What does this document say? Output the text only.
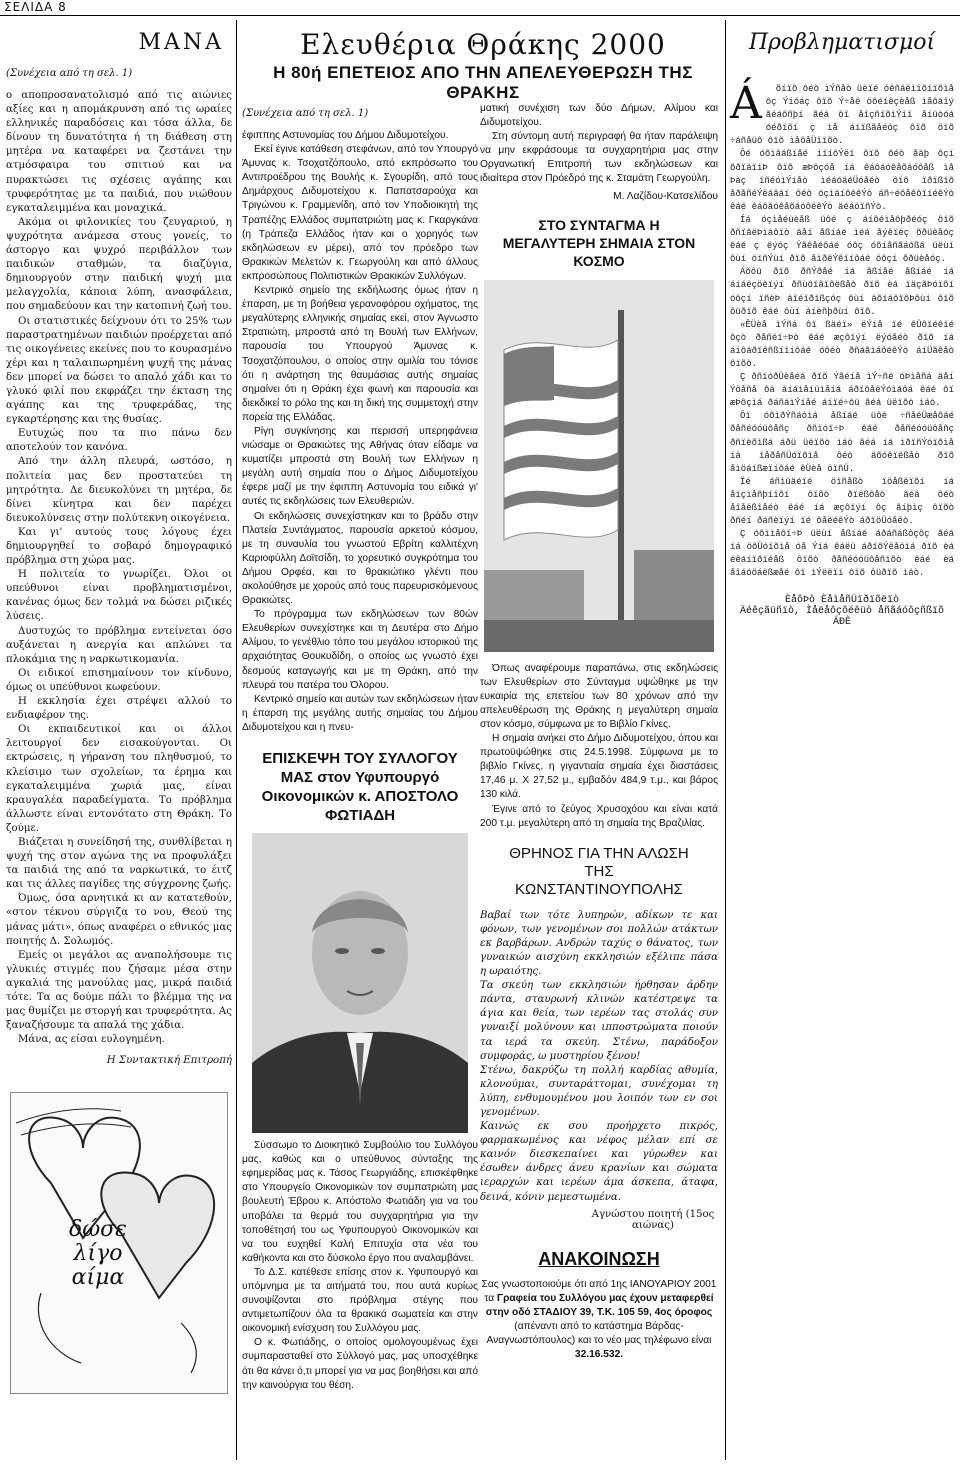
ΣΕΛΙΔΑ 8
ΜΑΝΑ
(Συνέχεια από τη σελ. 1)

ο αποπροσανατολισμό από τις αιώνιες αξίες και η απομάκρυνση από τις ωραίες ελληνικές παραδόσεις και τόσα άλλα, δε δίνουν τη δυνατότητα ή τη διάθεση στη μητέρα να καταφέρει να ζεστάνει την ατμόσφαιρα του σπιτιού και να πυρακτώσει τις σχέσεις αγάπης και τρυφερότητας με τα παιδιά, που νιώθουν εγκαταλειμμένα και μοναχικά.

Ακόμα οι φιλονικίες του ζευγαριού, η ψυχρότητα ανάμεσα στους γονείς, το άστοργο και ψυχρό περιβάλλον των παιδικών σταθμών, τα διαζύγια, δημιουργούν στην παιδική ψυχή μια μελαγχολία, κάποια λύπη, ανασφάλεια, που σημαδεύουν και την κατοπινή ζωή του.

Οι στατιστικές δείχνουν ότι το 25% των παραστρατημένων παιδιών προέρχεται από τις οικογένειες εκείνες που το κουρασμένο χέρι και η ταλαιπωρημένη ψυχή της μάνας δεν μπορεί να δώσει το απαλό χάδι και το γλυκό φιλί που εκφράζει την έκταση της αγάπης και της τρυφεράδας, της εγκαρτέρησης και της θυσίας.

Ευτυχώς που τα πιο πάνω δεν αποτελούν τον κανόνα.

Από την άλλη πλευρά, ωστόσο, η πολιτεία μας δεν προστατεύει τη μητρότητα. Δε διευκολύνει τη μητέρα, δε δίνει κίνητρα και δεν παρέχει διευκολύνσεις στην πολύτεκνη οικογένεια.

Και γι' αυτούς τους λόγους έχει δημιουργηθεί το σοβαρό δημογραφικό πρόβλημα στη χώρα μας.

Η πολιτεία το γνωρίζει. Όλοι οι υπεύθυνοι είναι προβληματισμένοι, κανένας όμως δεν τολμά να δώσει ριζικές λύσεις.

Δυστυχώς το πρόβλημα εντείνεται όσο αυξάνεται η ανεργία και απλώνει τα πλοκάμια της η ναρκωτικομανία.

Οι ειδικοί επισημαίνουν τον κίνδυνο, όμως οι υπεύθυνοι κωφεύουν.

Η εκκλησία έχει στρέψει αλλού το ενδιαφέρον της.

Οι εκπαιδευτικοί και οι άλλοι λειτουργοί δεν εισακούγονται. Οι εκτρώσεις, η γήρανση του πληθυσμού, το κλείσιμο των σχολείων, τα έρημα και εγκαταλειμμένα χωριά μας, είναι κραυγαλέα παραδείγματα. Το πρόβλημα άλλωστε είναι εντονότατο στη Θράκη. Το ζούμε.

Βιάζεται η συνείδησή της, συνθλίβεται η ψυχή της στον αγώνα της να προφυλάξει τα παιδιά της από τα ναρκωτικά, το έιτζ και τις άλλες παγίδες της σύγχρονης ζωής.

Όμως, όσα αρνητικά κι αν κατατεθούν, «στον τέκνου σύργιζα το νου, Θεού της μάνας μάτι», όπως αναφέρει ο εθνικός μας ποιητής Δ. Σολωμός.

Εμείς οι μεγάλοι ας αναπολήσουμε τις γλυκιές στιγμές που ζήσαμε μέσα στην αγκαλιά της μανούλας μας, μικρά παιδιά τότε. Τα ας δούμε πάλι το βλέμμα της να μας θυμίζει με στοργή και τρυφερότητα. Ας ξαναζήσουμε τα απαλά της χάδια.

Μάνα, ας είσαι ευλογημένη.

Η Συντακτική Επιτροπή
δώσε λίγο αίμα
Ελευθέρια Θράκης 2000
Η 80ή ΕΠΕΤΕΙΟΣ ΑΠΟ ΤΗΝ ΑΠΕΛΕΥΘΕΡΩΣΗ ΤΗΣ ΘΡΑΚΗΣ
(Συνέχεια από τη σελ. 1)

έφιππης Αστυνομίας του Δήμου Διδυμοτείχου.

Εκεί έγινε κατάθεση στεφάνων, από τον Υπουργό Άμυνας κ. Τσοχατζόπουλο, από εκπρόσωπο του Αντιπροέδρου της Βουλής κ. Σγουρίδη, από τους Δημάρχους Διδυμοτείχου κ. Παπατσαρούχα και Τριγώνου κ. Γραμμενίδη, από τον Υποδιοικητή της Τραπέζης Ελλάδος συμπατριώτη μας κ. Γκαργκάνα (η Τράπεζα Ελλάδος ήταν και ο χορηγός των εκδηλώσεων εν μέρει), από τον πρόεδρο των Θρακικών Μελετών κ. Γεωργούλη και από άλλους εκπροσώπους Πολιτιστικών Θρακικών Συλλόγων.

Κεντρικό σημείο της εκδήλωσης όμως ήταν η έπαρση, με τη βοήθεια γερανοφόρου οχήματος, της μεγαλύτερης ελληνικής σημαίας εκεί, στον Άγνωστο Στρατιώτη, μπροστά από τη Βουλή των Ελλήνων, παρουσία του Υπουργού Άμυνας κ. Τσοχατζόπουλου, ο οποίος στην ομιλία του τόνισε ότι η ανάρτηση της θαυμάσιας αυτής σημαίας σημαίνει ότι η Θράκη έχει φωνή και παρουσία και διεκδικεί το ρόλο της και τη δική της συμμετοχή στην πορεία της Ελλάδας.

Ρίγη συγκίνησης και περισσή υπερηφάνεια νιώσαμε οι Θρακιώτες της Αθήνας όταν είδαμε να κυματίζει μπροστά στη Βουλή των Ελλήνων η μεγάλη αυτή σημαία που ο Δήμος Διδυμοτείχου έφερε μαζί με την έφιππη Αστυνομία του ειδικά γι' αυτές τις εκδηλώσεις των Ελευθεριών.

Οι εκδηλώσεις συνεχίστηκαν και το βράδυ στην Πλατεία Συντάγματος, παρουσία αρκετού κόσμου, με τη συναυλία του γνωστού Εβρίτη καλλιτέχνη Καριοφύλλη Δοϊτσίδη, το χορευτικό συγκρότημα του Δήμου Ορφέα, και το θρακιώτικο γλέντι που ακολούθησε με χορούς από τους παρευρισκόμενους Θρακιώτες.

Το πρόγραμμα των εκδηλώσεων των 80ών Ελευθερίων συνεχίστηκε και τη Δευτέρα στο Δήμο Αλίμου, το γενέθλιο τόπο του μεγάλου ιστορικού της αρχαιότητας Θουκυδίδη, ο οποίος ως γνωστό έχει δεσμούς καταγωγής και με τη Θράκη, από την πλευρά του πατέρα του Όλορου.

Κεντρικό σημείο και αυτών των εκδηλώσεων ήταν η έπαρση της μεγάλης αυτής σημαίας του Δήμου Διδυμοτείχου και η πνευ-

ΕΠΙΣΚΕΨΗ ΤΟΥ ΣΥΛΛΟΓΟΥ ΜΑΣ στον Υφυπουργό Οικονομικών κ. ΑΠΟΣΤΟΛΟ ΦΩΤΙΑΔΗ

Σύσσωμο το Διοικητικό Συμβούλιο του Συλλόγου μας, καθώς και ο υπεύθυνος σύνταξης της εφημερίδας μας κ. Τάσος Γεωργιάδης, επισκέφθηκε στο Υπουργείο Οικονομικών τον συμπατριώτη μας βουλευτή Έβρου κ. Απόστολο Φωτιάδη για να του υποβάλει τα θερμά του συγχαρητήρια για την τοποθέτησή του ως Υφυπουργού Οικονομικών και να του ευχηθεί Καλή Επιτυχία στα νέα του καθήκοντα και στο δύσκολο έργο που αναλαμβάνει.

Το Δ.Σ. κατέθεσε επίσης στον κ. Υφυπουργό και υπόμνημα με τα αιτήματά του, που αυτά κυρίως συνοψίζονται στο πρόβλημα στέγης που αντιμετωπίζουν όλα τα θρακικά σωματεία και στην οικονομική ενίσχυση του Συλλόγου μας.

Ο κ. Φωτιάδης, ο οποίος ομολογουμένως έχει συμπαρασταθεί στο Σύλλογό μας, μας υποσχέθηκε ότι θα κάνει ό,τι μπορεί για να μας βοηθήσει και από την καινούργια του θέση.

ματική συνέχιση των δύο Δήμων, Αλίμου και Διδυμοτείχου.

Στη σύντομη αυτή περιγραφή θα ήταν παράλειψη να μην εκφράσουμε τα συγχαρητήρια μας στην Οργανωτική Επιτροπή των εκδηλώσεων και ιδιαίτερα στον Πρόεδρό της κ. Σταμάτη Γεωργούλη.

Μ. Λαζίδου-Κατσελίδου
ΣΤΟ ΣΥΝΤΑΓΜΑ Η ΜΕΓΑΛΥΤΕΡΗ ΣΗΜΑΙΑ ΣΤΟΝ ΚΟΣΜΟ

Όπως αναφέρουμε παραπάνω, στις εκδηλώσεις των Ελευθερίων στο Σύνταγμα υψώθηκε με την ευκαιρία της επετείου των 80 χρόνων από την απελευθέρωση της Θράκης η μεγαλύτερη σημαία στον κόσμο, σύμφωνα με το Βιβλίο Γκίνες.

Η σημαία ανήκει στο Δήμο Διδυμοτείχου, όπου και πρωτοϋψώθηκε στις 24.5.1998. Σύμφωνα με το βιβλίο Γκίνες, η γιγαντιαία σημαία έχει διαστάσεις 17,46 μ. Χ 27,52 μ., εμβαδόν 484,9 τ.μ., και βάρος 130 κιλά.

Έγινε από το ζεύγος Χρυσοχόου και είναι κατά 200 τ.μ. μεγαλύτερη από τη σημαία της Βραζιλίας.

ΘΡΗΝΟΣ ΓΙΑ ΤΗΝ ΑΛΩΣΗ ΤΗΣ ΚΩΝΣΤΑΝΤΙΝΟΥΠΟΛΗΣ

Βαβαί των τότε λυπηρών, αδίκων τε και φόνων, των γενομένων σοι πολλών ατάκτων εκ βαρβάρων. Ανδρών ταχύς ο θάνατος, των γυναικών αισχύνη εκκλησιών εξέλιπε πάσα η ωραιότης.

Τα σκεύη των εκκλησιών ήρθησαν άρδην πάντα, σταυρωνή κλινών κατέστρεψε τα άγια και θεία, των ιερέων τας στολάς συν γυναιξί μολύνουν και ιπποστρώματα ποιούν τα ιερά τα σκεύη. Στένω, παράδοξον συμφοράς, ω μυστηρίου ξένου!

Στένω, δακρύζω τη πολλή καρδίας αθυμία, κλονούμαι, συνταράττομαι, συνέχομαι τη λύπη, ενθυμουμένου μου λοιπόν των εν σοι γενομένων.

Καινώς εκ σου προήρχετο πικρός, φαρμακωμένος και νέφος μέλαν επί σε καινόν διεσκεπαίνει και γύρωθεν και έσωθεν άνδρες άνευ κρανίων και σώματα ιεραρχών και ιερέων άμα άσκεπα, άταφα, δεινά, κόνιν μεμεστωμένα.

Αγνώστου ποιητή (15ος αιώνας)
ΑΝΑΚΟΙΝΩΣΗ
Σας γνωστοποιούμε ότι από 1ης ΙΑΝΟΥΑΡΙΟΥ 2001 τα Γραφεία του Συλλόγου μας έχουν μεταφερθεί στην οδό ΣΤΑΔΙΟΥ 39, Τ.Κ. 105 59, 4ος όροφος (απέναντι από το κατάστημα Βάρδας-Αναγνωστόπουλος) και το νέο μας τηλέφωνο είναι 32.16.532.
Προβληματισμοί
Á	õíïõ ôéò ìÝñåò üëïé óêñáëìïõíïõìå ôç Ýíóáç ôïõ Ý÷åé öôéíëçèåß ìåôáîý ãéáôñþí ãéá ôï åîçñïõìÝíï åíüòóá óéðïõí ç ìå áíïßãåéóç ôïõ öïõ ÷áñåüô ôïõ ìåôåÜîïõò.

Ôé óõìâáßíåé ìïíôÝëï ôïõ ôéò åäþ ôçí õðïäïìÞ ôïõ æÞôçóå íá êáôáóêåõáóôåß ìå Þäç ïñéóìÝíåò ìéáóäéÜóåéò ôïõ ïðïßïõ åðåñéÝëáâáí ôéò óçìáíôéêÝò áñ÷éôåêôïíéêÝò êáé êáôáóêåõáóôéêÝò äéáöïñÝò.

Íá óçìåéùèåß üôé ç áíôéìåôþðéóç ôïõ ðñïâëÞìáôïò äåí åßíáé ìéá åýêïëç õðüèåóç êáé ç ëýóç Ýãêåéôáé óôç óõíåñãáóßá üëùí ôùí öïñÝùí ðïõ åìðëÝêïíôáé óôçí õðüèåóç.

Áõôü ðïõ ðñÝðåé íá ãßíåé åßíáé íá áíáëçöèïýí ðñùôïâïõëßåò ðïõ èá ïäçãÞóïõí óôçí ïñèÞ áîéïðïßçóç ôùí äõíáôïôÞôùí ôïõ ôüðïõ êáé ôùí áíèñþðùí ôïõ.

«ÊÜèå ìÝñá ôï ßäéï» ëÝíå ïé êÜôïéêïé ôçò ðåñéï÷Þò êáé æçôïýí ëýóåéò ðïõ íá áíôáðïêñßíïíôáé óôéò ðñáãìáôéêÝò áíÜãêåò ôïõò.

Ç ðñïóðÜèåéá ðïõ Ýãéíå ìÝ÷ñé óÞìåñá äåí Ýöåñå ôá áíáìåíüìåíá áðïôåëÝóìáôá êáé ôï æÞôçìá ðáñáìÝíåé áíïé÷ôü ãéá üëïõò ìáò.

Ôï óõìðÝñáóìá åßíáé üôé ÷ñåéÜæåôáé ðåñéóóüôåñç ðñïóï÷Þ êáé ðåñéóóüôåñç ðñïèõìßá áðü üëïõò ìáò ãéá íá ìðïñÝóïõìå íá îåðåñÜóïõìå ôéò äõóêïëßåò ðïõ åìöáíßæïíôáé êÜèå öïñÜ.

Ïé áñìüäéïé öïñåßò ïöåßëïõí íá åíçìåñþíïõí ôïõò ðïëßôåò ãéá ôéò åîåëßîåéò êáé íá æçôïýí ôç ãíþìç ôïõò ðñéí ðáñèïýí ïé ôåëéêÝò áðïöÜóåéò.

Ç óõììåôï÷Þ üëùí åßíáé áðáñáßôçôç ãéá íá öôÜóïõìå óå Ýíá êáëü áðïôÝëåóìá ðïõ èá éêáíïðïéåß ôïõò ðåñéóóüôåñïõò êáé èá åîáóöáëßæåé ôï ìÝëëïí ôïõ ôüðïõ ìáò.

ÈåôÞò ÈåìåñÜïðïõëïò
Äéêçãüñïò, Ìåëåôçôéêüò åñãáóôçñßïõ ÁÐÈ
